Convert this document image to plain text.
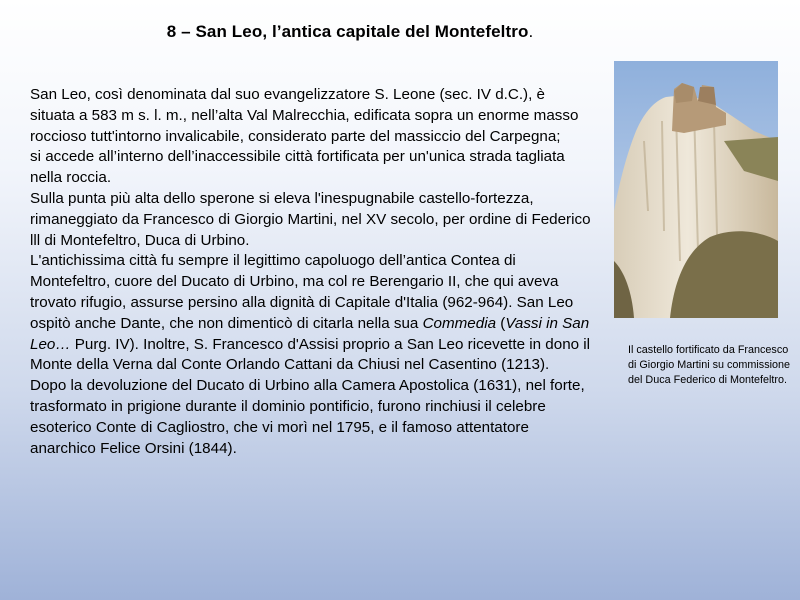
8 – San Leo, l’antica capitale del Montefeltro.

San Leo, così denominata dal suo evangelizzatore S. Leone (sec. IV d.C.), è situata a 583 m s. l. m., nell’alta Val Malrecchia, edificata sopra un enorme masso roccioso tutt'intorno invalicabile, considerato parte del massiccio del Carpegna;

si accede all’interno dell’inaccessibile città fortificata per un'unica strada tagliata nella roccia.

Sulla punta più alta dello sperone si eleva l'inespugnabile castello-fortezza, rimaneggiato da Francesco di Giorgio Martini, nel XV secolo, per ordine di Federico lll di Montefeltro, Duca di Urbino.

L'antichissima città fu sempre il legittimo capoluogo dell’antica Contea di Montefeltro, cuore del Ducato di Urbino, ma col re Berengario II, che qui aveva trovato rifugio, assurse persino alla dignità di Capitale d'Italia (962-964). San Leo ospitò anche Dante, che non dimenticò di citarla nella sua Commedia (Vassi in San Leo… Purg. IV). Inoltre, S. Francesco d'Assisi proprio a San Leo ricevette in dono il Monte della Verna dal Conte Orlando Cattani da Chiusi nel Casentino (1213).

Dopo la devoluzione del Ducato di Urbino alla Camera Apostolica (1631), nel forte, trasformato in prigione durante il dominio pontificio, furono rinchiusi il celebre esoterico Conte di Cagliostro, che vi morì nel 1795, e il famoso attentatore anarchico Felice Orsini (1844).

Il castello fortificato da Francesco di Giorgio Martini su commissione del Duca Federico di Montefeltro.
